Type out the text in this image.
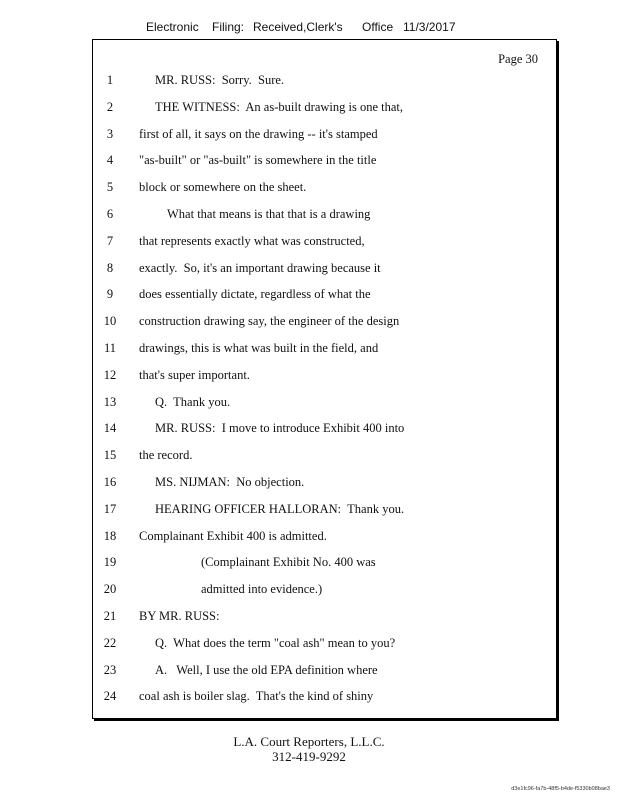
Electronic

Filing:

Received,Clerk's

Office

11/3/2017

Page 30
1	MR. RUSS:  Sorry.  Sure.
2	THE WITNESS:  An as-built drawing is one that,
3	first of all, it says on the drawing -- it's stamped
4	"as-built" or "as-built" is somewhere in the title
5	block or somewhere on the sheet.
6	What that means is that that is a drawing
7	that represents exactly what was constructed,
8	exactly.  So, it's an important drawing because it
9	does essentially dictate, regardless of what the
10	construction drawing say, the engineer of the design
11	drawings, this is what was built in the field, and
12	that's super important.
13	Q.  Thank you.
14	MR. RUSS:  I move to introduce Exhibit 400 into
15	the record.
16	MS. NIJMAN:  No objection.
17	HEARING OFFICER HALLORAN:  Thank you.
18	Complainant Exhibit 400 is admitted.
19	(Complainant Exhibit No. 400 was
20	admitted into evidence.)
21	BY MR. RUSS:
22	Q.  What does the term "coal ash" mean to you?
23	A.   Well, I use the old EPA definition where
24	coal ash is boiler slag.  That's the kind of shiny
L.A. Court Reporters, L.L.C.
312-419-9292
d3e1fc96-fa7b-48f5-b4de-f5330b08bae3
